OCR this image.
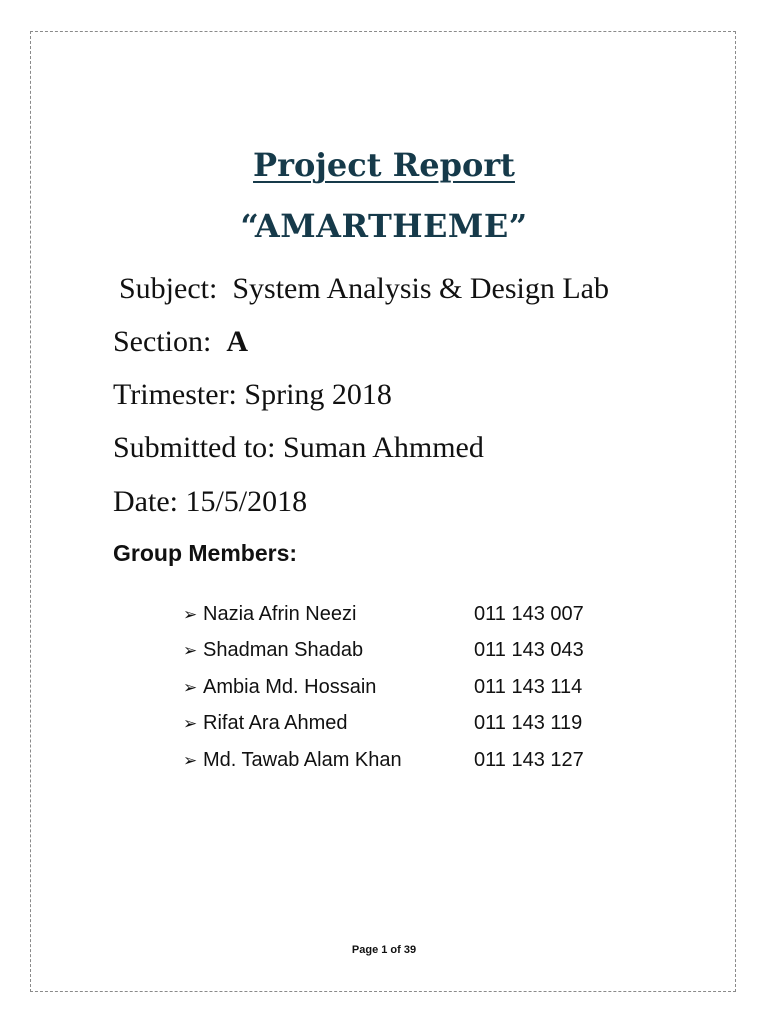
Project Report
“AMARTHEME”
Subject: System Analysis & Design Lab
Section: A
Trimester: Spring 2018
Submitted to: Suman Ahmmed
Date: 15/5/2018
Group Members:
➢ Nazia Afrin Neezi	011 143 007
➢ Shadman Shadab	011 143 043
➢ Ambia Md. Hossain	011 143 114
➢ Rifat Ara Ahmed	011 143 119
➢ Md. Tawab Alam Khan	011 143 127
Page 1 of 39
